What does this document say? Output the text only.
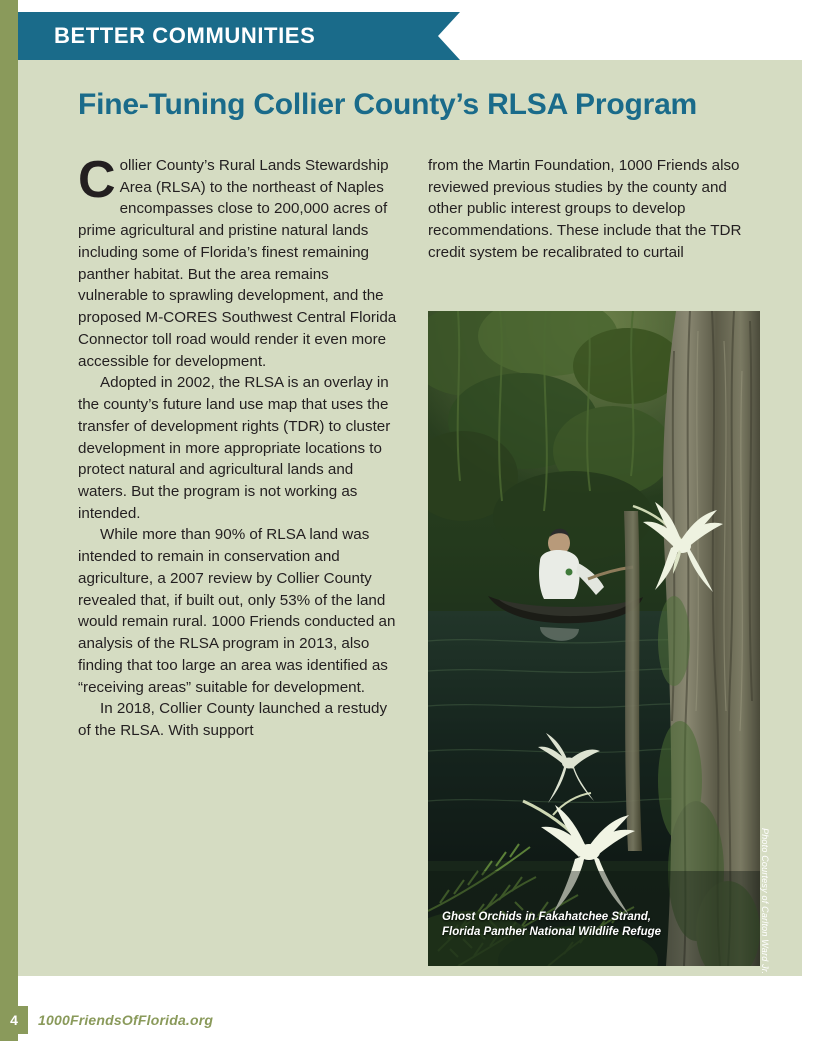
BETTER COMMUNITIES
Fine-Tuning Collier County’s RLSA Program

Collier County’s Rural Lands Stewardship Area (RLSA) to the northeast of Naples encompasses close to 200,000 acres of prime agricultural and pristine natural lands including some of Florida’s finest remaining panther habitat. But the area remains vulnerable to sprawling development, and the proposed M-CORES Southwest Central Florida Connector toll road would render it even more accessible for development.

Adopted in 2002, the RLSA is an overlay in the county’s future land use map that uses the transfer of development rights (TDR) to cluster development in more appropriate locations to protect natural and agricultural lands and waters. But the program is not working as intended.

While more than 90% of RLSA land was intended to remain in conservation and agriculture, a 2007 review by Collier County revealed that, if built out, only 53% of the land would remain rural. 1000 Friends conducted an analysis of the RLSA program in 2013, also finding that too large an area was identified as “receiving areas” suitable for development.

In 2018, Collier County launched a restudy of the RLSA. With support

from the Martin Foundation, 1000 Friends also reviewed previous studies by the county and other public interest groups to develop recommendations. These include that the TDR credit system be recalibrated to curtail

Ghost Orchids in Fakahatchee Strand,
Florida Panther National Wildlife Refuge	Photo Courtesy of Carlton Ward Jr.
4 1000FriendsOfFlorida.org
